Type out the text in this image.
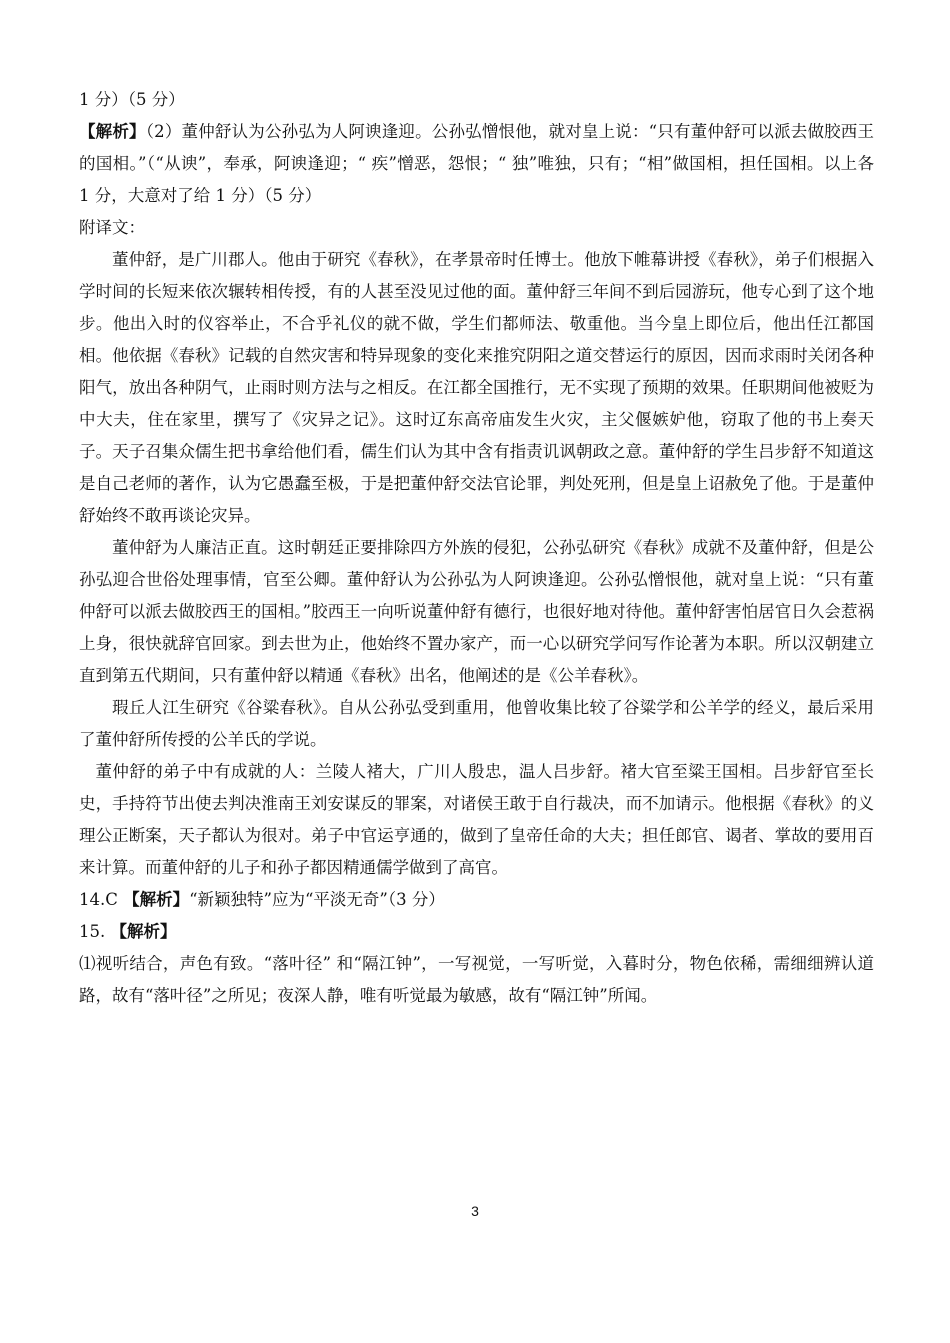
1 分）（5 分）

【解析】（2）董仲舒认为公孙弘为人阿谀逢迎。公孙弘憎恨他，就对皇上说：“只有董仲舒可以派去做胶西王的国相。”（“从谀”，奉承，阿谀逢迎；“ 疾”憎恶，怨恨；“ 独”唯独，只有；“相”做国相，担任国相。以上各 1 分，大意对了给 1 分）（5 分）

附译文：

董仲舒，是广川郡人。他由于研究《春秋》，在孝景帝时任博士。他放下帷幕讲授《春秋》，弟子们根据入学时间的长短来依次辗转相传授，有的人甚至没见过他的面。董仲舒三年间不到后园游玩，他专心到了这个地步。他出入时的仪容举止，不合乎礼仪的就不做，学生们都师法、敬重他。当今皇上即位后，他出任江都国相。他依据《春秋》记载的自然灾害和特异现象的变化来推究阴阳之道交替运行的原因，因而求雨时关闭各种阳气，放出各种阴气，止雨时则方法与之相反。在江都全国推行，无不实现了预期的效果。任职期间他被贬为中大夫，住在家里，撰写了《灾异之记》。这时辽东高帝庙发生火灾，主父偃嫉妒他，窃取了他的书上奏天子。天子召集众儒生把书拿给他们看，儒生们认为其中含有指责讥讽朝政之意。董仲舒的学生吕步舒不知道这是自己老师的著作，认为它愚蠢至极，于是把董仲舒交法官论罪，判处死刑，但是皇上诏赦免了他。于是董仲舒始终不敢再谈论灾异。

董仲舒为人廉洁正直。这时朝廷正要排除四方外族的侵犯，公孙弘研究《春秋》成就不及董仲舒，但是公孙弘迎合世俗处理事情，官至公卿。董仲舒认为公孙弘为人阿谀逢迎。公孙弘憎恨他，就对皇上说：“只有董仲舒可以派去做胶西王的国相。”胶西王一向听说董仲舒有德行，也很好地对待他。董仲舒害怕居官日久会惹祸上身，很快就辞官回家。到去世为止，他始终不置办家产，而一心以研究学问写作论著为本职。所以汉朝建立直到第五代期间，只有董仲舒以精通《春秋》出名，他阐述的是《公羊春秋》。

瑕丘人江生研究《谷粱春秋》。自从公孙弘受到重用，他曾收集比较了谷粱学和公羊学的经义，最后采用了董仲舒所传授的公羊氏的学说。

董仲舒的弟子中有成就的人：兰陵人褚大，广川人殷忠，温人吕步舒。褚大官至粱王国相。吕步舒官至长史，手持符节出使去判决淮南王刘安谋反的罪案，对诸侯王敢于自行裁决，而不加请示。他根据《春秋》的义理公正断案，天子都认为很对。弟子中官运亨通的，做到了皇帝任命的大夫；担任郎官、谒者、掌故的要用百来计算。而董仲舒的儿子和孙子都因精通儒学做到了高官。

14.C 【解析】“新颖独特”应为“平淡无奇”（3 分）

15. 【解析】

⑴视听结合，声色有致。“落叶径” 和“隔江钟”，一写视觉，一写听觉，入暮时分，物色依稀，需细细辨认道路，故有“落叶径”之所见；夜深人静，唯有听觉最为敏感，故有“隔江钟”所闻。

3
